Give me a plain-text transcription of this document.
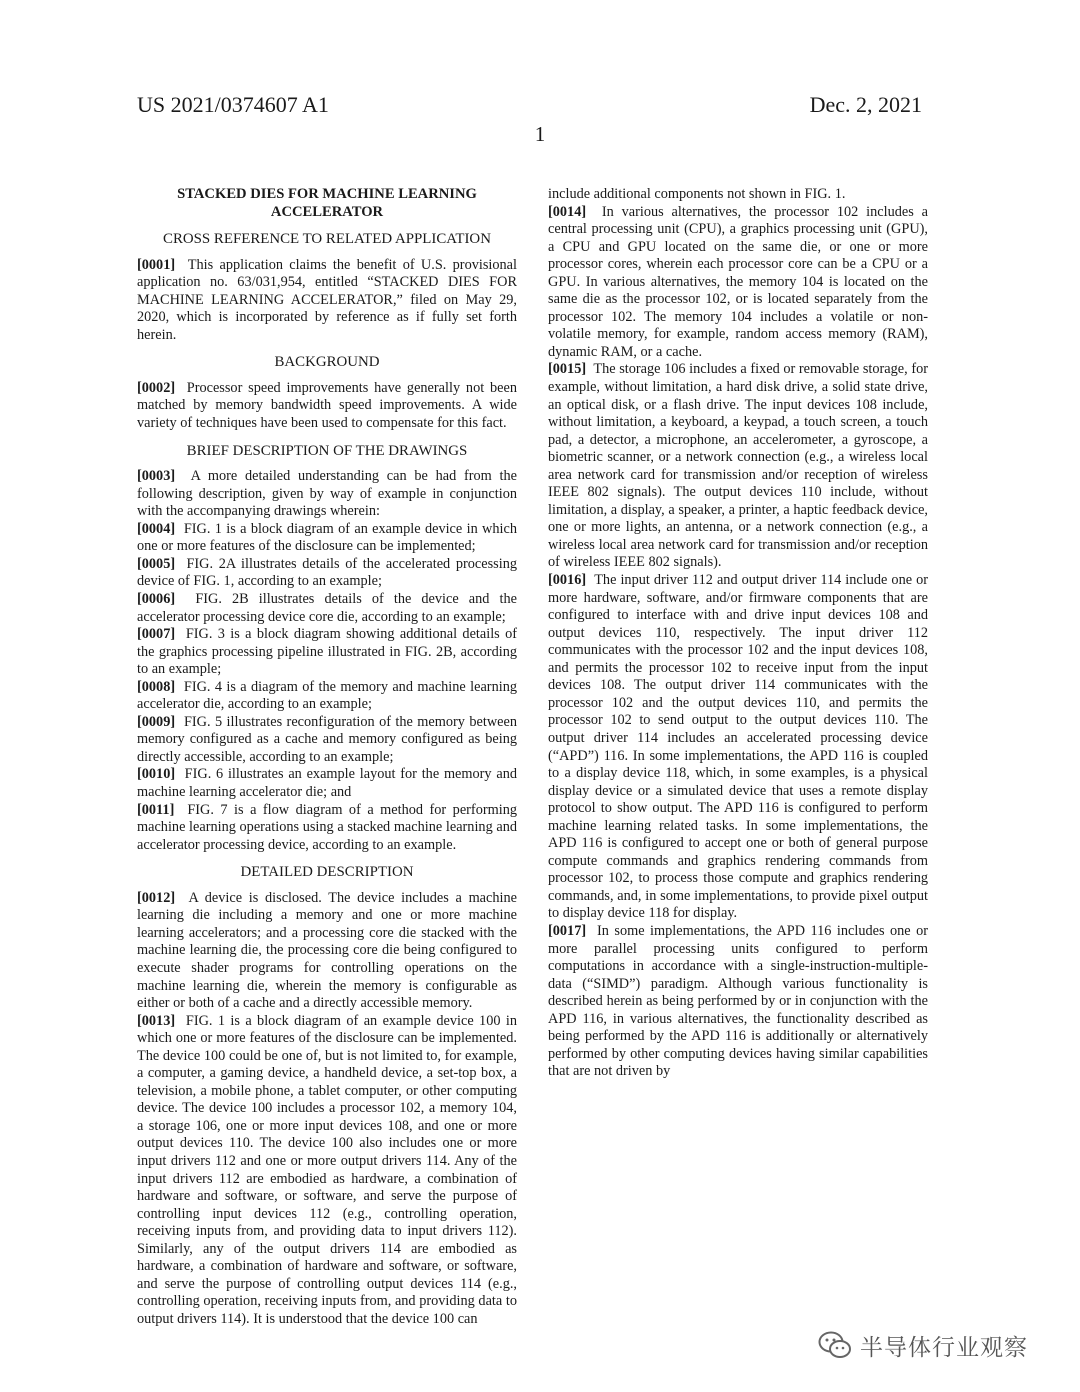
US 2021/0374607 A1	Dec. 2, 2021
1
STACKED DIES FOR MACHINE LEARNING ACCELERATOR
CROSS REFERENCE TO RELATED APPLICATION

[0001] This application claims the benefit of U.S. provisional application no. 63/031,954, entitled “STACKED DIES FOR MACHINE LEARNING ACCELERATOR,” filed on May 29, 2020, which is incorporated by reference as if fully set forth herein.

BACKGROUND

[0002] Processor speed improvements have generally not been matched by memory bandwidth speed improvements. A wide variety of techniques have been used to compensate for this fact.

BRIEF DESCRIPTION OF THE DRAWINGS

[0003] A more detailed understanding can be had from the following description, given by way of example in conjunction with the accompanying drawings wherein:

[0004] FIG. 1 is a block diagram of an example device in which one or more features of the disclosure can be implemented;

[0005] FIG. 2A illustrates details of the accelerated processing device of FIG. 1, according to an example;

[0006] FIG. 2B illustrates details of the device and the accelerator processing device core die, according to an example;

[0007] FIG. 3 is a block diagram showing additional details of the graphics processing pipeline illustrated in FIG. 2B, according to an example;

[0008] FIG. 4 is a diagram of the memory and machine learning accelerator die, according to an example;

[0009] FIG. 5 illustrates reconfiguration of the memory between memory configured as a cache and memory configured as being directly accessible, according to an example;

[0010] FIG. 6 illustrates an example layout for the memory and machine learning accelerator die; and

[0011] FIG. 7 is a flow diagram of a method for performing machine learning operations using a stacked machine learning and accelerator processing device, according to an example.

DETAILED DESCRIPTION

[0012] A device is disclosed. The device includes a machine learning die including a memory and one or more machine learning accelerators; and a processing core die stacked with the machine learning die, the processing core die being configured to execute shader programs for controlling operations on the machine learning die, wherein the memory is configurable as either or both of a cache and a directly accessible memory.

[0013] FIG. 1 is a block diagram of an example device 100 in which one or more features of the disclosure can be implemented. The device 100 could be one of, but is not limited to, for example, a computer, a gaming device, a handheld device, a set-top box, a television, a mobile phone, a tablet computer, or other computing device. The device 100 includes a processor 102, a memory 104, a storage 106, one or more input devices 108, and one or more output devices 110. The device 100 also includes one or more input drivers 112 and one or more output drivers 114. Any of the input drivers 112 are embodied as hardware, a combination of hardware and software, or software, and serve the purpose of controlling input devices 112 (e.g., controlling operation, receiving inputs from, and providing data to input drivers 112). Similarly, any of the output drivers 114 are embodied as hardware, a combination of hardware and software, or software, and serve the purpose of controlling output devices 114 (e.g., controlling operation, receiving inputs from, and providing data to output drivers 114). It is understood that the device 100 can

include additional components not shown in FIG. 1.

[0014] In various alternatives, the processor 102 includes a central processing unit (CPU), a graphics processing unit (GPU), a CPU and GPU located on the same die, or one or more processor cores, wherein each processor core can be a CPU or a GPU. In various alternatives, the memory 104 is located on the same die as the processor 102, or is located separately from the processor 102. The memory 104 includes a volatile or non-volatile memory, for example, random access memory (RAM), dynamic RAM, or a cache.

[0015] The storage 106 includes a fixed or removable storage, for example, without limitation, a hard disk drive, a solid state drive, an optical disk, or a flash drive. The input devices 108 include, without limitation, a keyboard, a keypad, a touch screen, a touch pad, a detector, a microphone, an accelerometer, a gyroscope, a biometric scanner, or a network connection (e.g., a wireless local area network card for transmission and/or reception of wireless IEEE 802 signals). The output devices 110 include, without limitation, a display, a speaker, a printer, a haptic feedback device, one or more lights, an antenna, or a network connection (e.g., a wireless local area network card for transmission and/or reception of wireless IEEE 802 signals).

[0016] The input driver 112 and output driver 114 include one or more hardware, software, and/or firmware components that are configured to interface with and drive input devices 108 and output devices 110, respectively. The input driver 112 communicates with the processor 102 and the input devices 108, and permits the processor 102 to receive input from the input devices 108. The output driver 114 communicates with the processor 102 and the output devices 110, and permits the processor 102 to send output to the output devices 110. The output driver 114 includes an accelerated processing device (“APD”) 116. In some implementations, the APD 116 is coupled to a display device 118, which, in some examples, is a physical display device or a simulated device that uses a remote display protocol to show output. The APD 116 is configured to perform machine learning related tasks. In some implementations, the APD 116 is configured to accept one or both of general purpose compute commands and graphics rendering commands from processor 102, to process those compute and graphics rendering commands, and, in some implementations, to provide pixel output to display device 118 for display.

[0017] In some implementations, the APD 116 includes one or more parallel processing units configured to perform computations in accordance with a single-instruction-multiple-data (“SIMD”) paradigm. Although various functionality is described herein as being performed by or in conjunction with the APD 116, in various alternatives, the functionality described as being performed by the APD 116 is additionally or alternatively performed by other computing devices having similar capabilities that are not driven by

半导体行业观察
